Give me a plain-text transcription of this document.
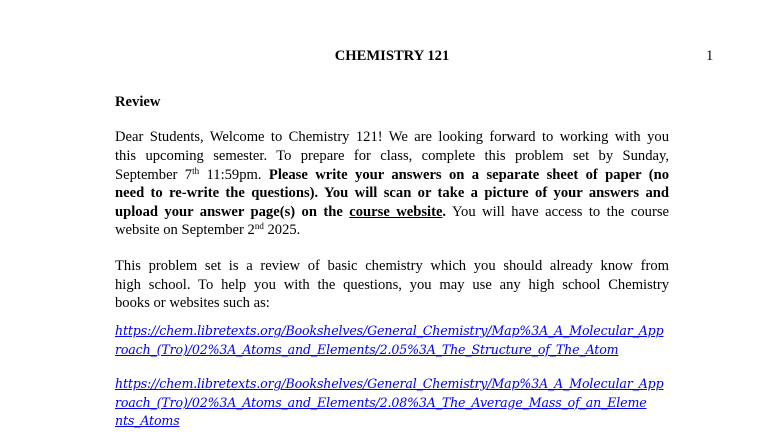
CHEMISTRY 121	1
Review
Dear Students, Welcome to Chemistry 121! We are looking forward to working with you
this upcoming semester. To prepare for class, complete this problem set by Sunday,
September 7th 11:59pm. Please write your answers on a separate sheet of paper (no
need to re-write the questions). You will scan or take a picture of your answers and
upload your answer page(s) on the course website. You will have access to the course
website on September 2nd 2025.
This problem set is a review of basic chemistry which you should already know from
high school. To help you with the questions, you may use any high school Chemistry
books or websites such as:
https://chem.libretexts.org/Bookshelves/General_Chemistry/Map%3A_A_Molecular_App
roach_(Tro)/02%3A_Atoms_and_Elements/2.05%3A_The_Structure_of_The_Atom
https://chem.libretexts.org/Bookshelves/General_Chemistry/Map%3A_A_Molecular_App
roach_(Tro)/02%3A_Atoms_and_Elements/2.08%3A_The_Average_Mass_of_an_Eleme
nts_Atoms
